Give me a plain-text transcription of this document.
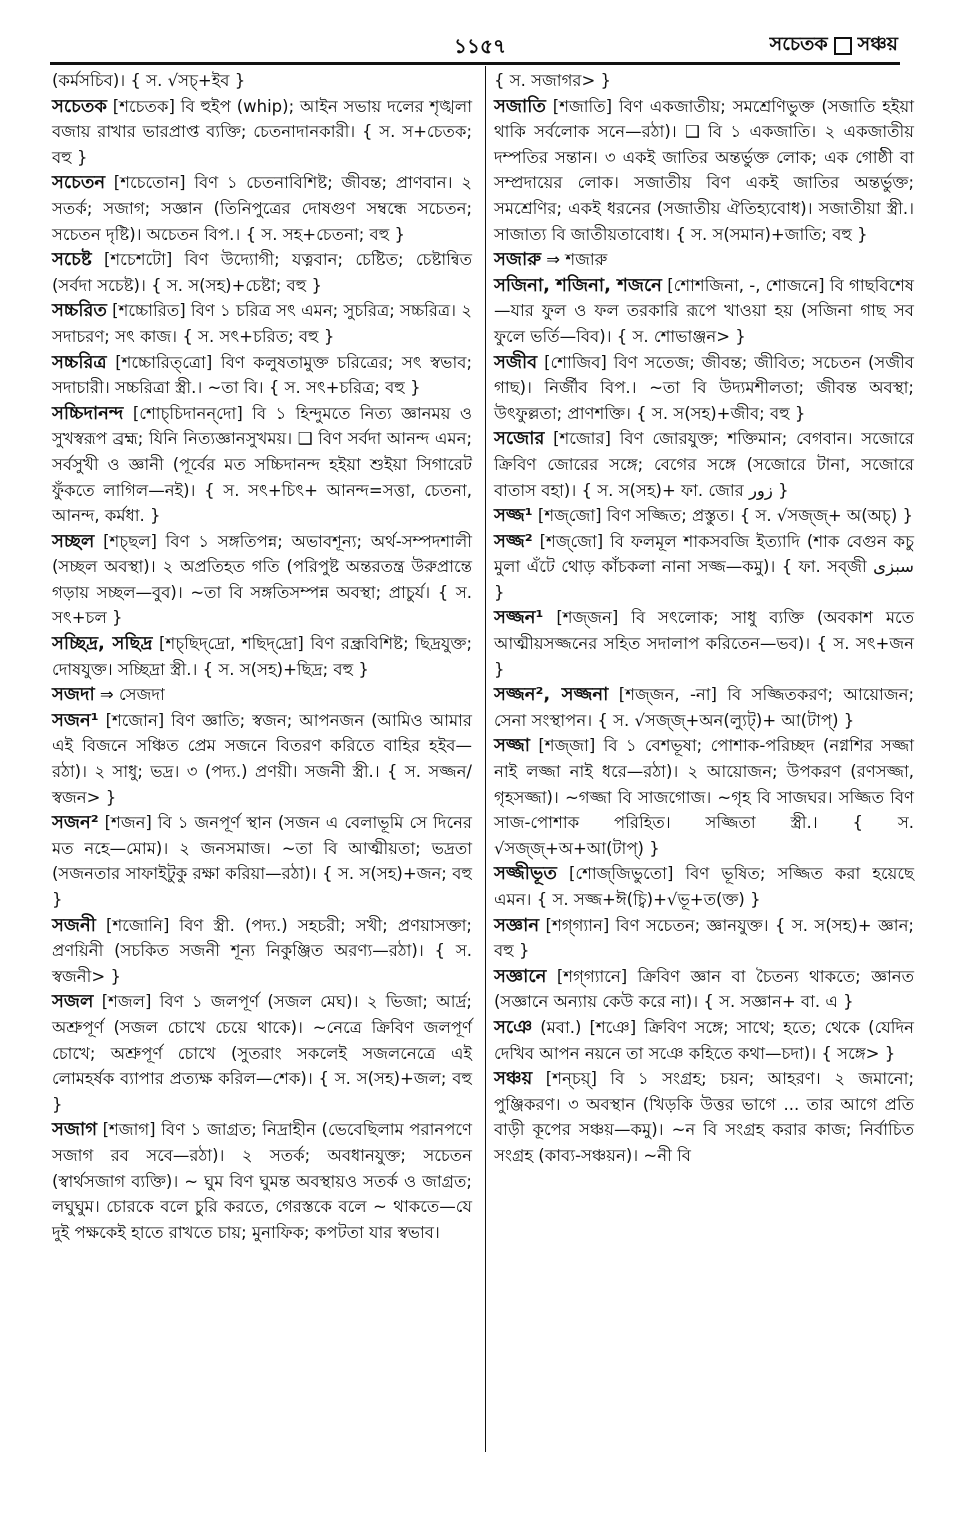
১১৫৭	সচেতক সঞ্চয়

(কর্মসচিব)। { স. √সচ্‌+ইব }

সচেতক [শচেতক] বি হুইপ (whip); আইন সভায় দলের শৃঙ্খলা বজায় রাখার ভারপ্রাপ্ত ব্যক্তি; চেতনাদানকারী। { স. স+চেতক; বহু }

সচেতন [শচেতোন] বিণ ১ চেতনাবিশিষ্ট; জীবন্ত; প্রাণবান। ২ সতর্ক; সজাগ; সজ্ঞান (তিনিপুত্রের দোষগুণ সম্বন্ধে সচেতন; সচেতন দৃষ্টি)। অচেতন বিপ.। { স. সহ+চেতনা; বহু }

সচেষ্ট [শচেশটো] বিণ উদ্যোগী; যত্নবান; চেষ্টিত; চেষ্টান্বিত (সর্বদা সচেষ্ট)। { স. স(সহ)+চেষ্টা; বহু }

সচ্চরিত [শচ্চোরিত] বিণ ১ চরিত্র সৎ এমন; সুচরিত্র; সচ্চরিত্র। ২ সদাচরণ; সৎ কাজ। { স. সৎ+চরিত; বহু }

সচ্চরিত্র [শচ্চোরিত্‌ত্রো] বিণ কলুষতামুক্ত চরিত্রের; সৎ স্বভাব; সদাচারী। সচ্চরিত্রা স্ত্রী.। ~তা বি। { স. সৎ+চরিত্র; বহু }

সচ্চিদানন্দ [শোচ্‌চিদানন্‌দো] বি ১ হিন্দুমতে নিত্য জ্ঞানময় ও সুখস্বরূপ ব্রহ্ম; যিনি নিত্যজ্ঞানসুখময়। ❑ বিণ সর্বদা আনন্দ এমন; সর্বসুখী ও জ্ঞানী (পূর্বের মত সচ্চিদানন্দ হইয়া শুইয়া সিগারেট ফুঁকতে লাগিল—নই)। { স. সৎ+চিৎ+ আনন্দ=সত্তা, চেতনা, আনন্দ, কর্মধা. }

সচ্ছল [শচ্‌ছল] বিণ ১ সঙ্গতিপন্ন; অভাবশূন্য; অর্থ-সম্পদশালী (সচ্ছল অবস্থা)। ২ অপ্রতিহত গতি (পরিপুষ্ট অন্তরতন্ত্র উরুপ্রান্তে গড়ায় সচ্ছল—বুব)। ~তা বি সঙ্গতিসম্পন্ন অবস্থা; প্রাচুর্য। { স. সৎ+চল }

সচ্ছিদ্র, সছিদ্র [শচ্‌ছিদ্‌দ্রো, শছিদ্‌দ্রো] বিণ রন্ধ্রবিশিষ্ট; ছিদ্রযুক্ত; দোষযুক্ত। সচ্ছিদ্রা স্ত্রী.। { স. স(সহ)+ছিদ্র; বহু }

সজদা ⇒ সেজদা

সজন¹ [শজোন] বিণ জ্ঞাতি; স্বজন; আপনজন (আমিও আমার এই বিজনে সঞ্চিত প্রেম সজনে বিতরণ করিতে বাহির হইব—রঠা)। ২ সাধু; ভদ্র। ৩ (পদ্য.) প্রণয়ী। সজনী স্ত্রী.। { স. সজ্জন/স্বজন> }

সজন² [শজন] বি ১ জনপূর্ণ স্থান (সজন এ বেলাভূমি সে দিনের মত নহে—মোম)। ২ জনসমাজ। ~তা বি আত্মীয়তা; ভদ্রতা (সজনতার সাফাইটুকু রক্ষা করিয়া—রঠা)। { স. স(সহ)+জন; বহু }

সজনী [শজোনি] বিণ স্ত্রী. (পদ্য.) সহচরী; সখী; প্রণয়াসক্তা; প্রণয়িনী (সচকিত সজনী শূন্য নিকুঞ্জিত অরণ্য—রঠা)। { স. স্বজনী> }

সজল [শজল] বিণ ১ জলপূর্ণ (সজল মেঘ)। ২ ভিজা; আর্দ্র; অশ্রুপূর্ণ (সজল চোখে চেয়ে থাকে)। ~নেত্রে ক্রিবিণ জলপূর্ণ চোখে; অশ্রুপূর্ণ চোখে (সুতরাং সকলেই সজলনেত্রে এই লোমহর্ষক ব্যাপার প্রত্যক্ষ করিল—শেক)। { স. স(সহ)+জল; বহু }

সজাগ [শজাগ] বিণ ১ জাগ্রত; নিদ্রাহীন (ভেবেছিলাম পরানপণে সজাগ রব সবে—রঠা)। ২ সতর্ক; অবধানযুক্ত; সচেতন (স্বার্থসজাগ ব্যক্তি)। ~ ঘুম বিণ ঘুমন্ত অবস্থায়ও সতর্ক ও জাগ্রত; লঘুঘুম। চোরকে বলে চুরি করতে, গেরস্তকে বলে ~ থাকতে—যে দুই পক্ষকেই হাতে রাখতে চায়; মুনাফিক; কপটতা যার স্বভাব।

{ স. সজাগর> }

সজাতি [শজাতি] বিণ একজাতীয়; সমশ্রেণিভুক্ত (সজাতি হইয়া থাকি সর্বলোক সনে—রঠা)। ❑ বি ১ একজাতি। ২ একজাতীয় দম্পতির সন্তান। ৩ একই জাতির অন্তর্ভুক্ত লোক; এক গোষ্ঠী বা সম্প্রদায়ের লোক। সজাতীয় বিণ একই জাতির অন্তর্ভুক্ত; সমশ্রেণির; একই ধরনের (সজাতীয় ঐতিহ্যবোধ)। সজাতীয়া স্ত্রী.। সাজাত্য বি জাতীয়তাবোধ। { স. স(সমান)+জাতি; বহু }

সজারু ⇒ শজারু

সজিনা, শজিনা, শজনে [শোশজিনা, -, শোজনে] বি গাছবিশেষ—যার ফুল ও ফল তরকারি রূপে খাওয়া হয় (সজিনা গাছ সব ফুলে ভর্তি—বিব)। { স. শোভাঞ্জন> }

সজীব [শোজিব] বিণ সতেজ; জীবন্ত; জীবিত; সচেতন (সজীব গাছ)। নির্জীব বিপ.। ~তা বি উদ্যমশীলতা; জীবন্ত অবস্থা; উৎফুল্লতা; প্রাণশক্তি। { স. স(সহ)+জীব; বহু }

সজোর [শজোর] বিণ জোরযুক্ত; শক্তিমান; বেগবান। সজোরে ক্রিবিণ জোরের সঙ্গে; বেগের সঙ্গে (সজোরে টানা, সজোরে বাতাস বহা)। { স. স(সহ)+ ফা. জোর زور }

সজ্জ¹ [শজ্‌জো] বিণ সজ্জিত; প্রস্তুত। { স. √সজ্জ্‌+ অ(অচ্‌) }

সজ্জ² [শজ্‌জো] বি ফলমূল শাকসবজি ইত্যাদি (শাক বেগুন কচু মুলা এঁটে থোড় কাঁচকলা নানা সজ্জ—কমু)। { ফা. সব্‌জী سبزی }

সজ্জন¹ [শজ্‌জন] বি সৎলোক; সাধু ব্যক্তি (অবকাশ মতে আত্মীয়সজ্জনের সহিত সদালাপ করিতেন—ভব)। { স. সৎ+জন }

সজ্জন², সজ্জনা [শজ্‌জন, -না] বি সজ্জিতকরণ; আয়োজন; সেনা সংস্থাপন। { স. √সজ্জ্‌+অন(ল্যুট্‌)+ আ(টাপ্‌) }

সজ্জা [শজ্‌জা] বি ১ বেশভূষা; পোশাক-পরিচ্ছদ (নগ্নশির সজ্জা নাই লজ্জা নাই ধরে—রঠা)। ২ আয়োজন; উপকরণ (রণসজ্জা, গৃহসজ্জা)। ~গজ্জা বি সাজগোজ। ~গৃহ বি সাজঘর। সজ্জিত বিণ সাজ-পোশাক পরিহিত। সজ্জিতা স্ত্রী.। { স. √সজ্জ্‌+অ+আ(টাপ্‌) }

সজ্জীভূত [শোজ্‌জিভুতো] বিণ ভূষিত; সজ্জিত করা হয়েছে এমন। { স. সজ্জ+ঈ(চ্বি)+√ভূ+ত(ক্ত) }

সজ্ঞান [শগ্‌গ্যান] বিণ সচেতন; জ্ঞানযুক্ত। { স. স(সহ)+ জ্ঞান; বহু }

সজ্ঞানে [শগ্‌গ্যানে] ক্রিবিণ জ্ঞান বা চৈতন্য থাকতে; জ্ঞানত (সজ্ঞানে অন্যায় কেউ করে না)। { স. সজ্ঞান+ বা. এ }

সঞে (মবা.) [শঞে] ক্রিবিণ সঙ্গে; সাথে; হতে; থেকে (যেদিন দেখিব আপন নয়নে তা সঞে কহিতে কথা—চদা)। { সঙ্গে> }

সঞ্চয় [শন্‌চয়্‌] বি ১ সংগ্রহ; চয়ন; আহরণ। ২ জমানো; পুঞ্জিকরণ। ৩ অবস্থান (খিড়কি উত্তর ভাগে ... তার আগে প্রতি বাড়ী কূপের সঞ্চয়—কমু)। ~ন বি সংগ্রহ করার কাজ; নির্বাচিত সংগ্রহ (কাব্য-সঞ্চয়ন)। ~নী বি
